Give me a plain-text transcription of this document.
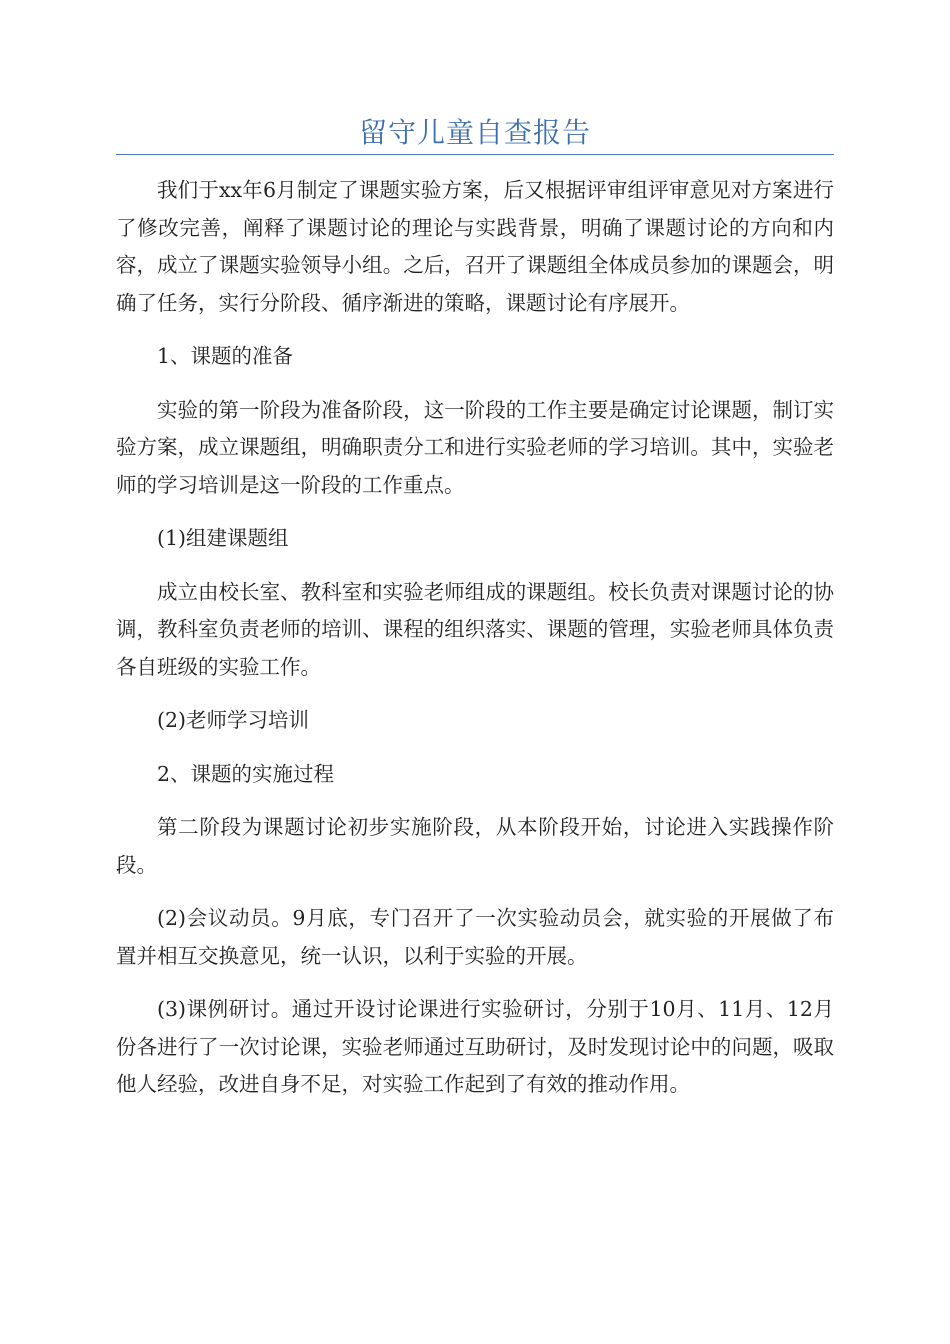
留守儿童自查报告

我们于xx年6月制定了课题实验方案，后又根据评审组评审意见对方案进行了修改完善，阐释了课题讨论的理论与实践背景，明确了课题讨论的方向和内容，成立了课题实验领导小组。之后，召开了课题组全体成员参加的课题会，明确了任务，实行分阶段、循序渐进的策略，课题讨论有序展开。

1、课题的准备

实验的第一阶段为准备阶段，这一阶段的工作主要是确定讨论课题，制订实验方案，成立课题组，明确职责分工和进行实验老师的学习培训。其中，实验老师的学习培训是这一阶段的工作重点。

(1)组建课题组

成立由校长室、教科室和实验老师组成的课题组。校长负责对课题讨论的协调，教科室负责老师的培训、课程的组织落实、课题的管理，实验老师具体负责各自班级的实验工作。

(2)老师学习培训

2、课题的实施过程

第二阶段为课题讨论初步实施阶段，从本阶段开始，讨论进入实践操作阶段。

(2)会议动员。9月底，专门召开了一次实验动员会，就实验的开展做了布置并相互交换意见，统一认识，以利于实验的开展。

(3)课例研讨。通过开设讨论课进行实验研讨，分别于10月、11月、12月份各进行了一次讨论课，实验老师通过互助研讨，及时发现讨论中的问题，吸取他人经验，改进自身不足，对实验工作起到了有效的推动作用。
